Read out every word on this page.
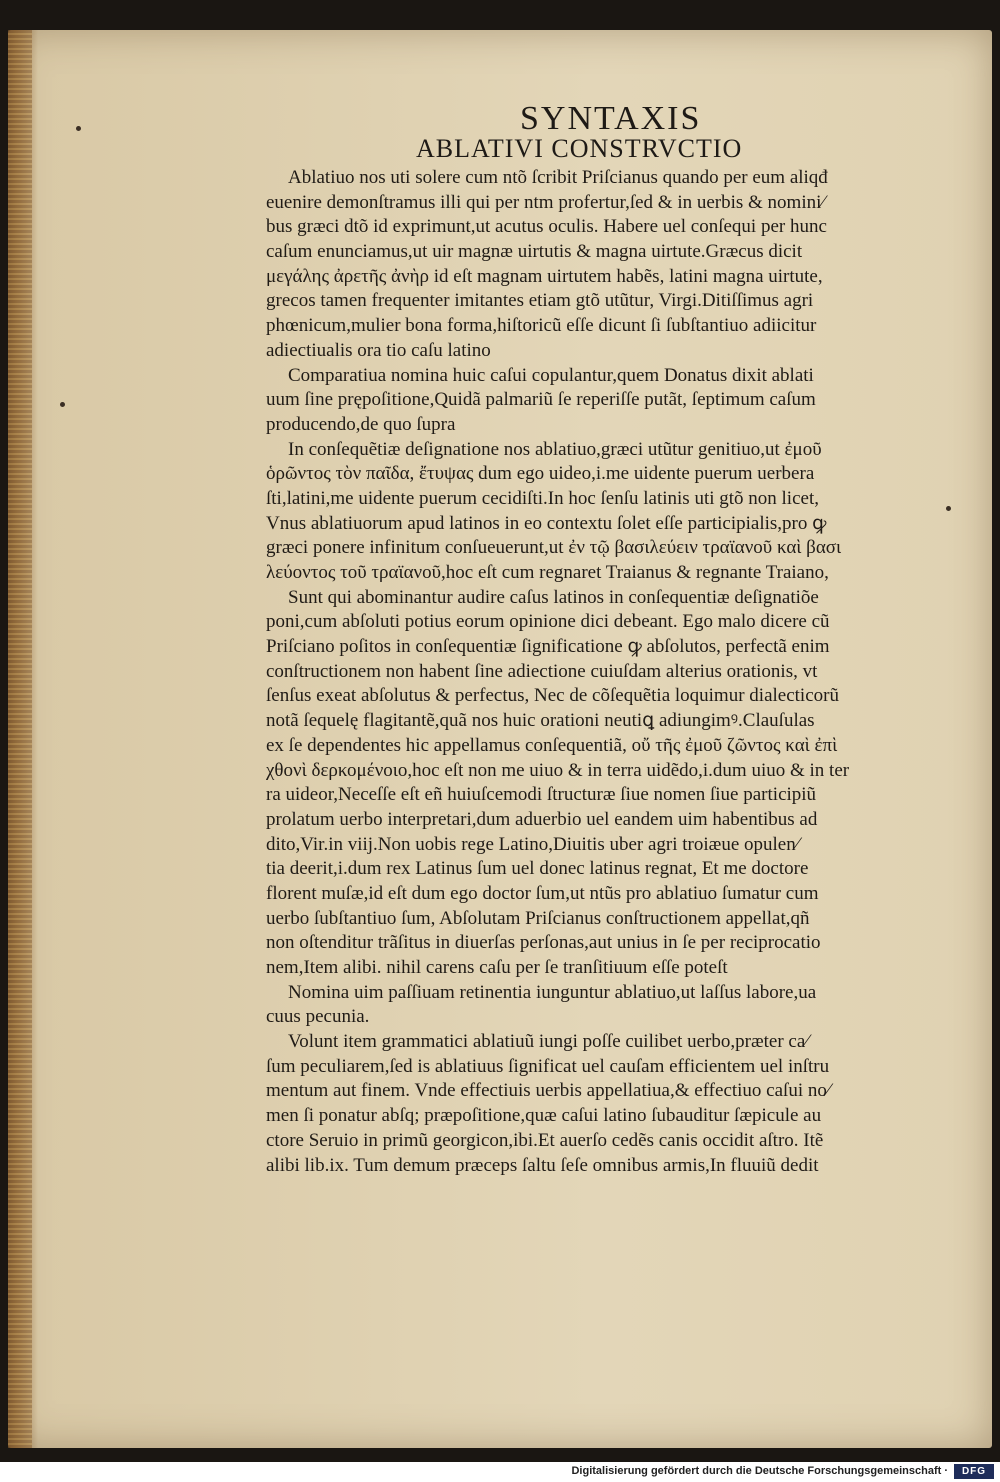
SYNTAXIS
ABLATIVI CONSTRVCTIO
Ablatiuo nos uti solere cum ntõ ſcribit Priſcianus quando per eum aliqđ
euenire demonſtramus illi qui per ntm profertur,ſed & in uerbis & nomini⁄
bus græci dtõ id exprimunt,ut acutus oculis. Habere uel conſequi per hunc
caſum enunciamus,ut uir magnæ uirtutis & magna uirtute.Græcus dicit
μεγάλης ἀρετῆς ἀνὴρ id eſt magnam uirtutem habẽs, latini magna uirtute,
grecos tamen frequenter imitantes etiam gtõ utũtur, Virgi.Ditiſſimus agri
phœnicum,mulier bona forma,hiſtoricũ eſſe dicunt ſi ſubſtantiuo adiicitur
adiectiualis ora tio caſu latino
Comparatiua nomina huic caſui copulantur,quem Donatus dixit ablati
uum ſine prępoſitione,Quidã palmariũ ſe reperiſſe putãt, ſeptimum caſum
producendo,de quo ſupra
In conſequẽtiæ deſignatione nos ablatiuo,græci utũtur genitiuo,ut ἐμοῦ
ὁρῶντος τὸν παῖδα, ἔτυψας dum ego uideo,i.me uidente puerum uerbera
ſti,latini,me uidente puerum cecidiſti.In hoc ſenſu latinis uti gtõ non licet,
Vnus ablatiuorum apud latinos in eo contextu ſolet eſſe participialis,pro ꝙ
græci ponere infinitum conſueuerunt,ut ἐν τῷ βασιλεύειν τραϊανοῦ καὶ βασι
λεύοντος τοῦ τραϊανοῦ,hoc eſt cum regnaret Traianus & regnante Traiano,
Sunt qui abominantur audire caſus latinos in conſequentiæ deſignatiõe
poni,cum abſoluti potius eorum opinione dici debeant. Ego malo dicere cũ
Priſciano poſitos in conſequentiæ ſignificatione ꝙ abſolutos, perfectã enim
conſtructionem non habent ſine adiectione cuiuſdam alterius orationis, vt
ſenſus exeat abſolutus & perfectus, Nec de cõſequẽtia loquimur dialecticorũ
notã ſequelę flagitantẽ,quã nos huic orationi neutiꝗ adiungimꝰ.Clauſulas
ex ſe dependentes hic appellamus conſequentiã, οὔ τῆς ἐμοῦ ζῶντος καὶ ἐπὶ
χθονὶ δερκομένοιο,hoc eſt non me uiuo & in terra uidẽdo,i.dum uiuo & in ter
ra uideor,Neceſſe eſt eñ huiuſcemodi ſtructuræ ſiue nomen ſiue participiũ
prolatum uerbo interpretari,dum aduerbio uel eandem uim habentibus ad
dito,Vir.in viij.Non uobis rege Latino,Diuitis uber agri troiæue opulen⁄
tia deerit,i.dum rex Latinus ſum uel donec latinus regnat, Et me doctore
florent muſæ,id eſt dum ego doctor ſum,ut ntũs pro ablatiuo ſumatur cum
uerbo ſubſtantiuo ſum, Abſolutam Priſcianus conſtructionem appellat,qñ
non oſtenditur trãſitus in diuerſas perſonas,aut unius in ſe per reciprocatio
nem,Item alibi. nihil carens caſu per ſe tranſitiuum eſſe poteſt
Nomina uim paſſiuam retinentia iunguntur ablatiuo,ut laſſus labore,ua
cuus pecunia.
Volunt item grammatici ablatiuũ iungi poſſe cuilibet uerbo,præter ca⁄
ſum peculiarem,ſed is ablatiuus ſignificat uel cauſam efficientem uel inſtru
mentum aut finem. Vnde effectiuis uerbis appellatiua,& effectiuo caſui no⁄
men ſi ponatur abſq; præpoſitione,quæ caſui latino ſubauditur ſæpicule au
ctore Seruio in primũ georgicon,ibi.Et auerſo cedẽs canis occidit aſtro. Itẽ
alibi lib.ix. Tum demum præceps ſaltu ſeſe omnibus armis,In fluuiũ dedit
Digitalisierung gefördert durch die Deutsche Forschungsgemeinschaft ·	DFG
